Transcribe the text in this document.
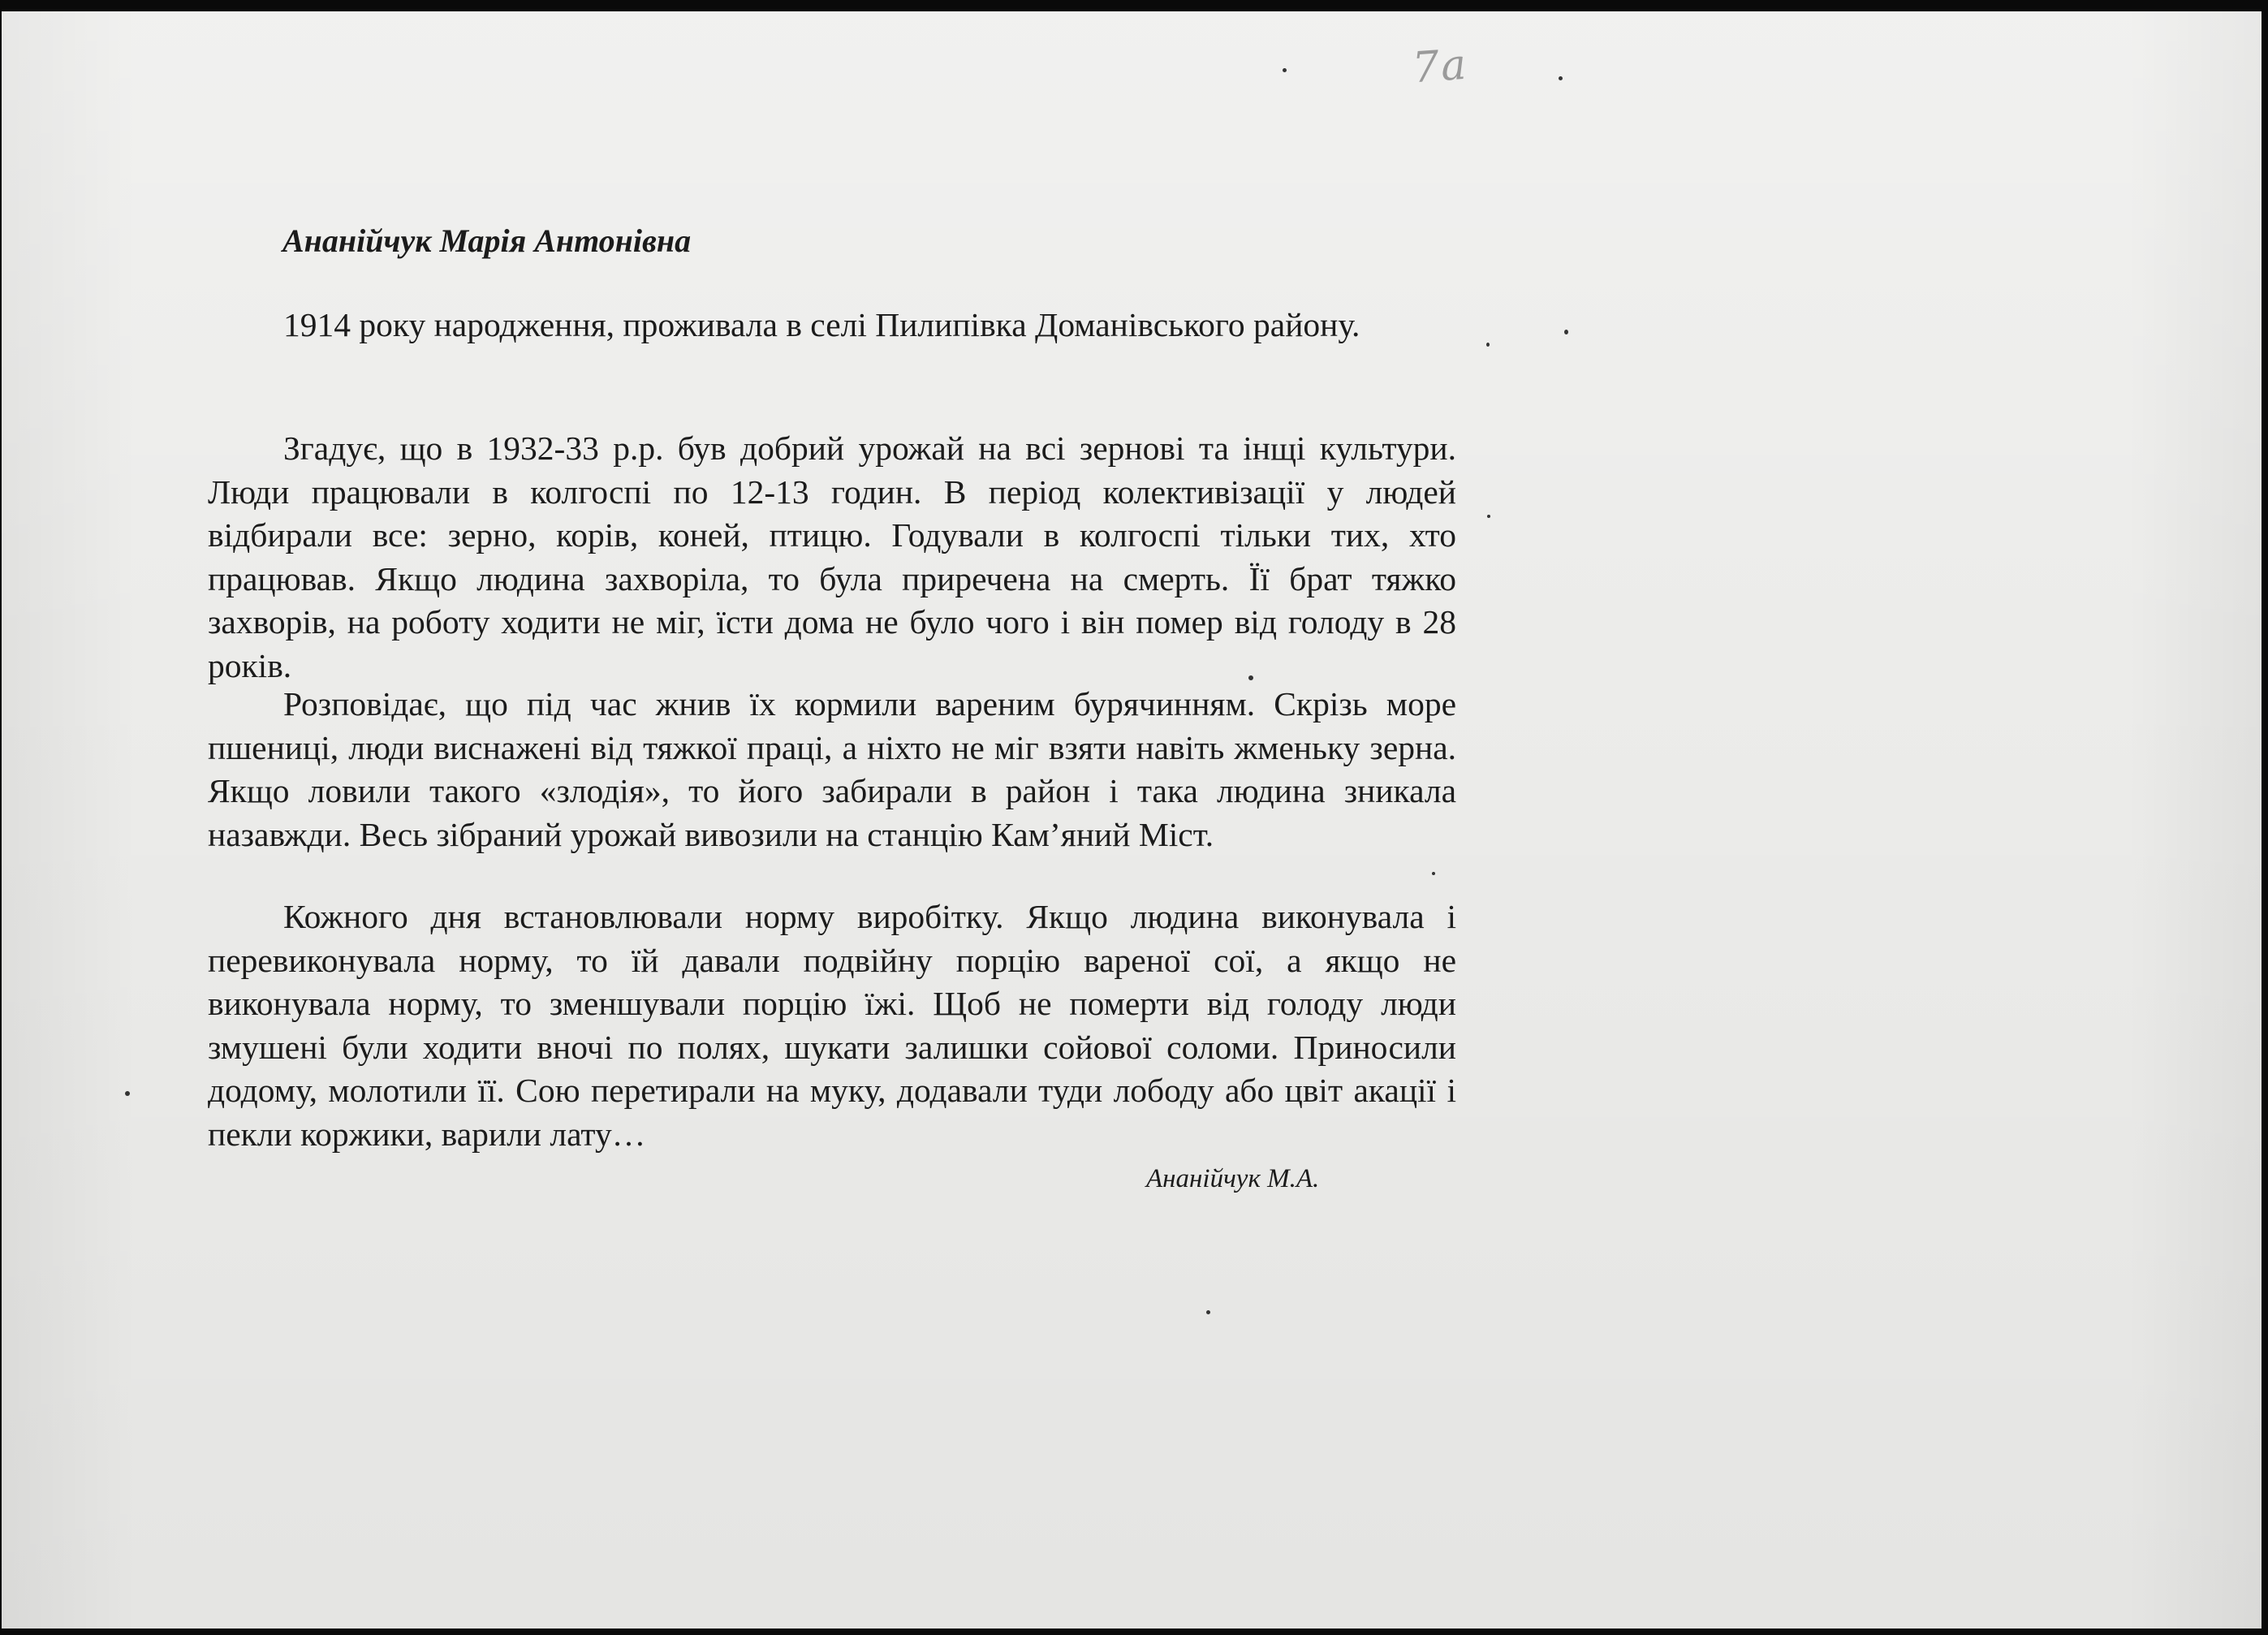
7a
Ананійчук Марія Антонівна

1914 року народження, проживала в селі Пилипівка Доманівського району.

Згадує, що в 1932-33 р.р. був добрий урожай на всі зернові та інщі культури. Люди працювали в колгоспі по 12-13 годин. В період колективізації у людей відбирали все: зерно, корів, коней, птицю. Годували в колгоспі тільки тих, хто працював. Якщо людина захворіла, то була приречена на смерть. Її брат тяжко захворів, на роботу ходити не міг, їсти дома не було чого і він помер від голоду в 28 років.

Розповідає, що під час жнив їх кормили вареним бурячинням. Скрізь море пшениці, люди виснажені від тяжкої праці, а ніхто не міг взяти навіть жменьку зерна. Якщо ловили такого «злодія», то його забирали в район і така людина зникала назавжди. Весь зібраний урожай вивозили на станцію Кам’яний Міст.

Кожного дня встановлювали норму виробітку. Якщо людина виконувала і перевиконувала норму, то їй давали подвійну порцію вареної сої, а якщо не виконувала норму, то зменшували порцію їжі. Щоб не померти від голоду люди змушені були ходити вночі по полях, шукати залишки сойової соломи. Приносили додому, молотили її. Сою перетирали на муку, додавали туди лободу або цвіт акації і пекли коржики, варили лату…

Ананійчук М.А.
